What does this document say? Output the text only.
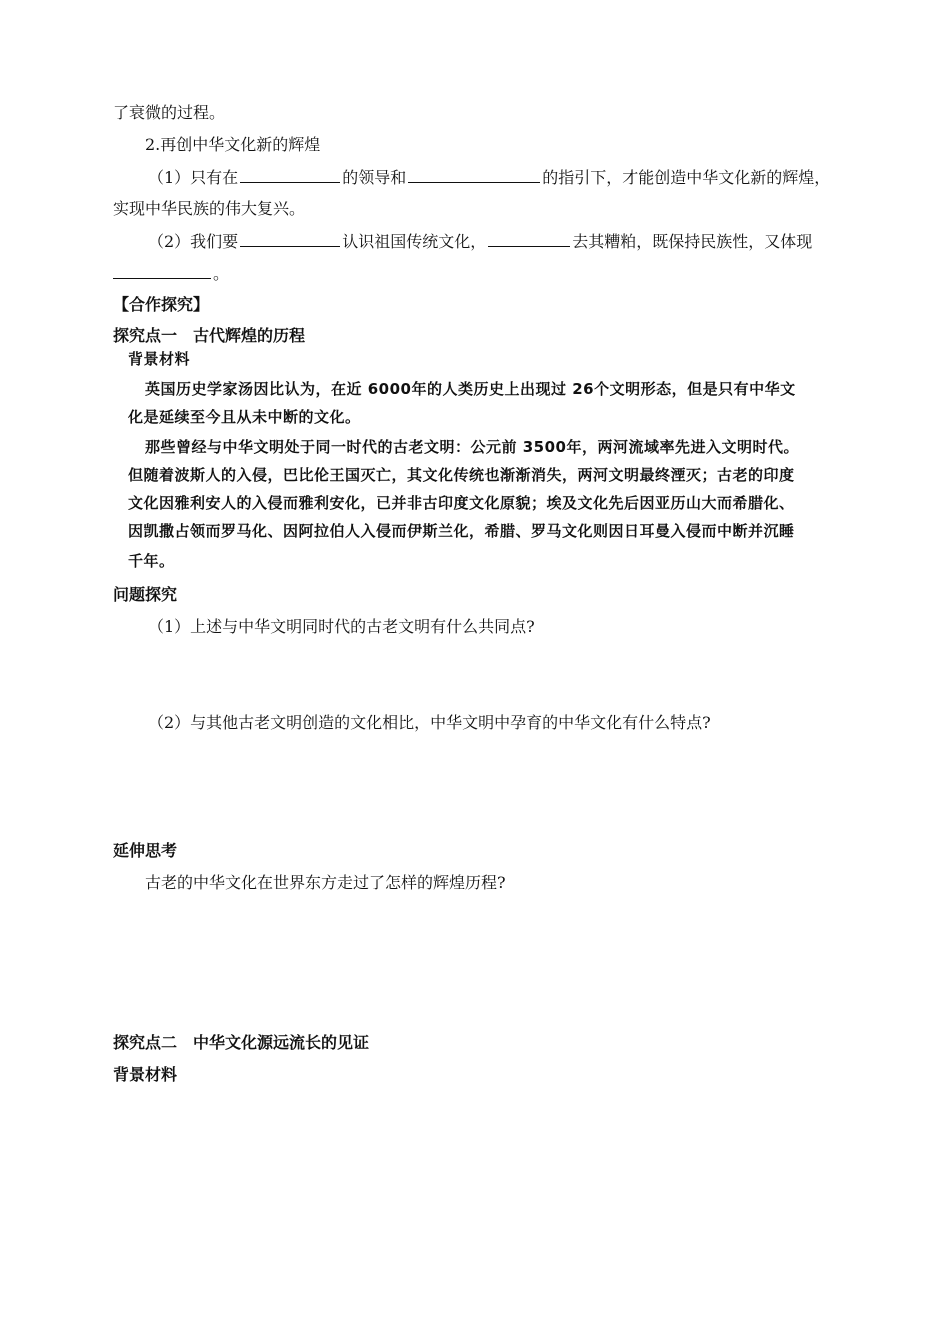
了衰微的过程。
2.再创中华文化新的辉煌
（1）只有在	的领导和	的指引下，才能创造中华文化新的辉煌，
实现中华民族的伟大复兴。
（2）我们要	认识祖国传统文化，	去其糟粕，既保持民族性，又体现
。
【合作探究】
探究点一　古代辉煌的历程
背景材料
英国历史学家汤因比认为，在近 6000年的人类历史上出现过 26个文明形态，但是只有中华文
化是延续至今且从未中断的文化。
那些曾经与中华文明处于同一时代的古老文明：公元前 3500年，两河流域率先进入文明时代。
但随着波斯人的入侵，巴比伦王国灭亡，其文化传统也渐渐消失，两河文明最终湮灭；古老的印度
文化因雅利安人的入侵而雅利安化，已并非古印度文化原貌；埃及文化先后因亚历山大而希腊化、
因凯撒占领而罗马化、因阿拉伯人入侵而伊斯兰化，希腊、罗马文化则因日耳曼入侵而中断并沉睡
千年。
问题探究
（1）上述与中华文明同时代的古老文明有什么共同点?
（2）与其他古老文明创造的文化相比，中华文明中孕育的中华文化有什么特点?
延伸思考
古老的中华文化在世界东方走过了怎样的辉煌历程?
探究点二　中华文化源远流长的见证
背景材料
